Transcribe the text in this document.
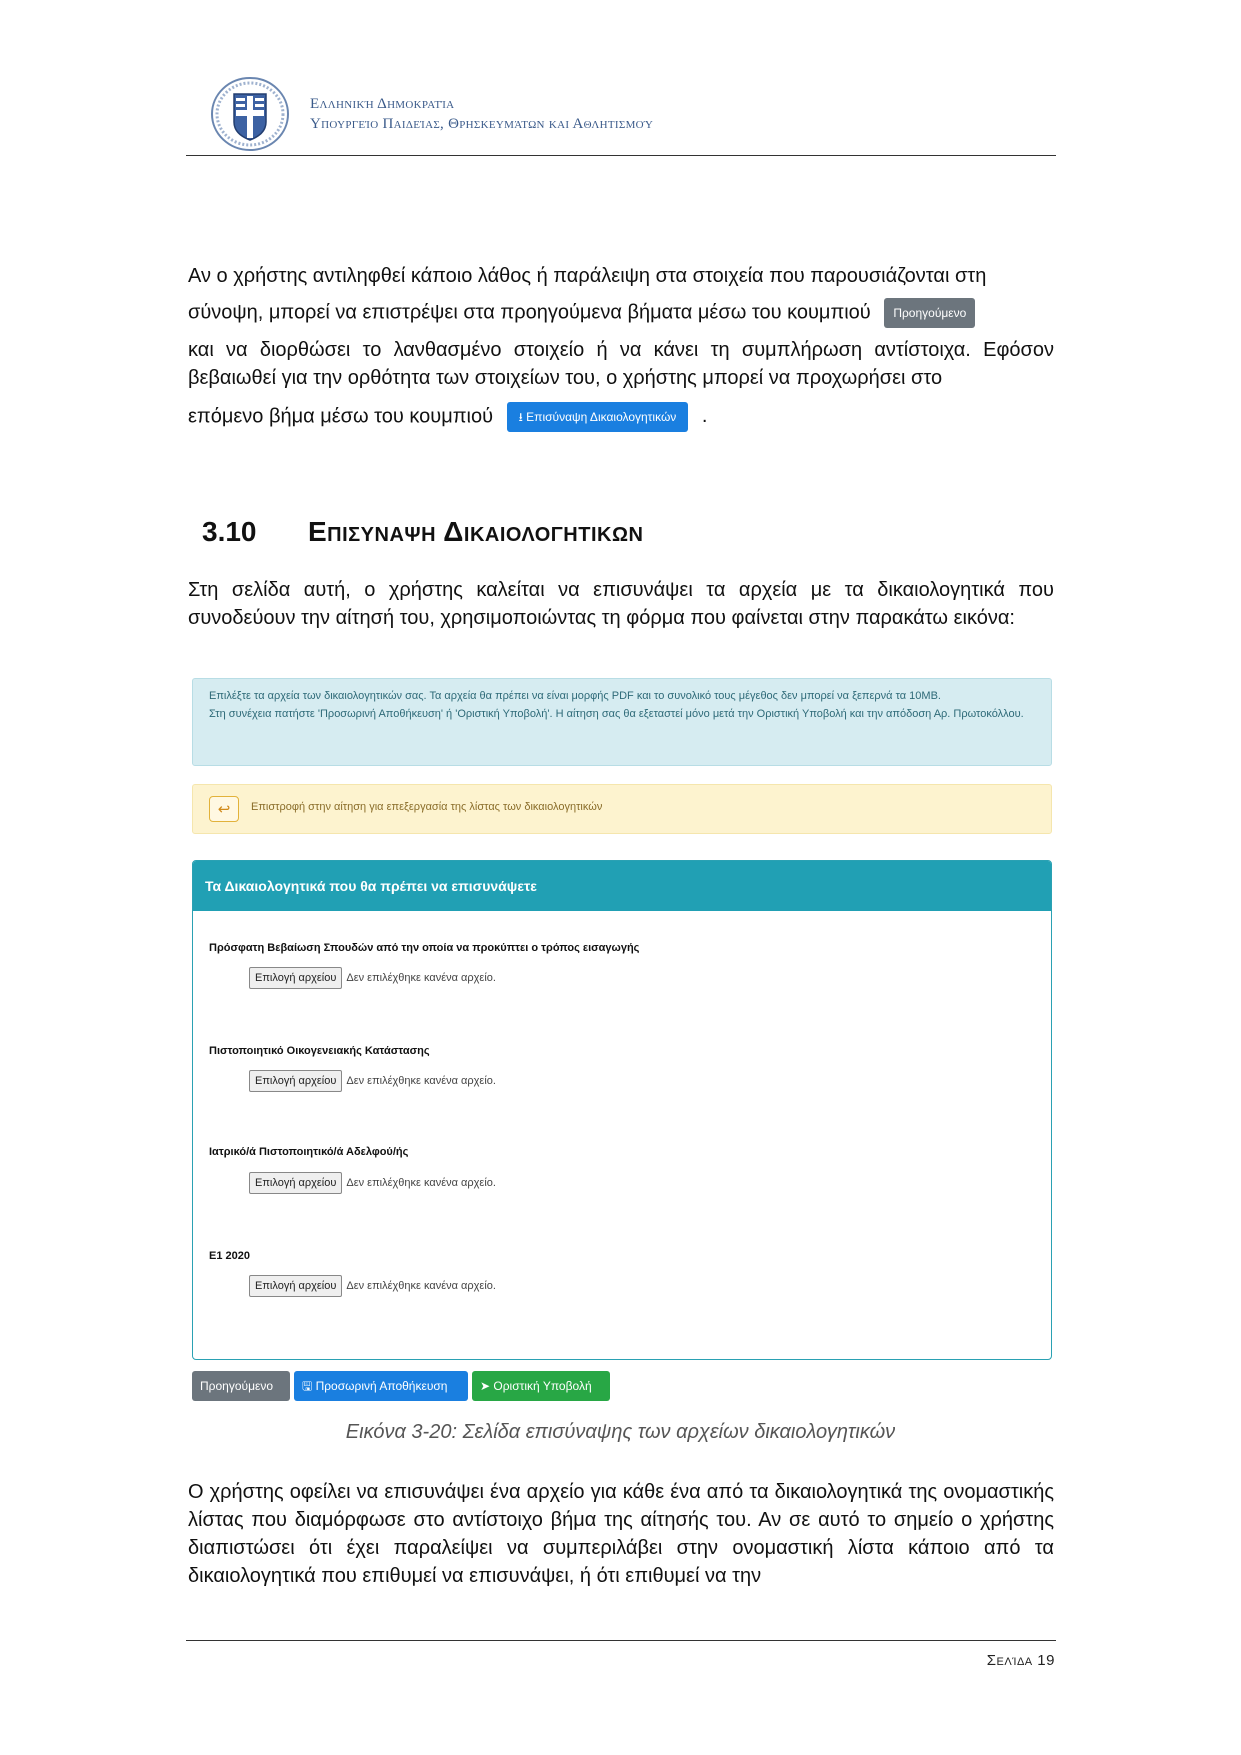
Ελληνική Δημοκρατία
Υπουργείο Παιδείας, Θρησκευμάτων και Αθλητισμού
Αν ο χρήστης αντιληφθεί κάποιο λάθος ή παράλειψη στα στοιχεία που παρουσιάζονται στη
σύνοψη, μπορεί να επιστρέψει στα προηγούμενα βήματα μέσω του κουμπιού Προηγούμενο
και να διορθώσει το λανθασμένο στοιχείο ή να κάνει τη συμπλήρωση αντίστοιχα. Εφόσον βεβαιωθεί για την ορθότητα των στοιχείων του, ο χρήστης μπορεί να προχωρήσει στο
επόμενο βήμα μέσω του κουμπιού ⭳ Επισύναψη Δικαιολογητικών .
3.10 Επισυναψη Δικαιολογητικων
Στη σελίδα αυτή, ο χρήστης καλείται να επισυνάψει τα αρχεία με τα δικαιολογητικά που συνοδεύουν την αίτησή του, χρησιμοποιώντας τη φόρμα που φαίνεται στην παρακάτω εικόνα:
Επιλέξτε τα αρχεία των δικαιολογητικών σας. Τα αρχεία θα πρέπει να είναι μορφής PDF και το συνολικό τους μέγεθος δεν μπορεί να ξεπερνά τα 10MB.
Στη συνέχεια πατήστε 'Προσωρινή Αποθήκευση' ή 'Οριστική Υποβολή'. Η αίτηση σας θα εξεταστεί μόνο μετά την Οριστική Υποβολή και την απόδοση Αρ. Πρωτοκόλλου.
↩	Επιστροφή στην αίτηση για επεξεργασία της λίστας των δικαιολογητικών
Τα Δικαιολογητικά που θα πρέπει να επισυνάψετε
Πρόσφατη Βεβαίωση Σπουδών από την οποία να προκύπτει ο τρόπος εισαγωγής
Επιλογή αρχείου Δεν επιλέχθηκε κανένα αρχείο.
Πιστοποιητικό Οικογενειακής Κατάστασης
Επιλογή αρχείου Δεν επιλέχθηκε κανένα αρχείο.
Ιατρικό/ά Πιστοποιητικό/ά Αδελφού/ής
Επιλογή αρχείου Δεν επιλέχθηκε κανένα αρχείο.
Ε1 2020
Επιλογή αρχείου Δεν επιλέχθηκε κανένα αρχείο.
Προηγούμενο	🖫 Προσωρινή Αποθήκευση	➤ Οριστική Υποβολή
Εικόνα 3-20: Σελίδα επισύναψης των αρχείων δικαιολογητικών
Ο χρήστης οφείλει να επισυνάψει ένα αρχείο για κάθε ένα από τα δικαιολογητικά της ονομαστικής λίστας που διαμόρφωσε στο αντίστοιχο βήμα της αίτησής του. Αν σε αυτό το σημείο ο χρήστης διαπιστώσει ότι έχει παραλείψει να συμπεριλάβει στην ονομαστική λίστα κάποιο από τα δικαιολογητικά που επιθυμεί να επισυνάψει, ή ότι επιθυμεί να την
Σελίδα 19
